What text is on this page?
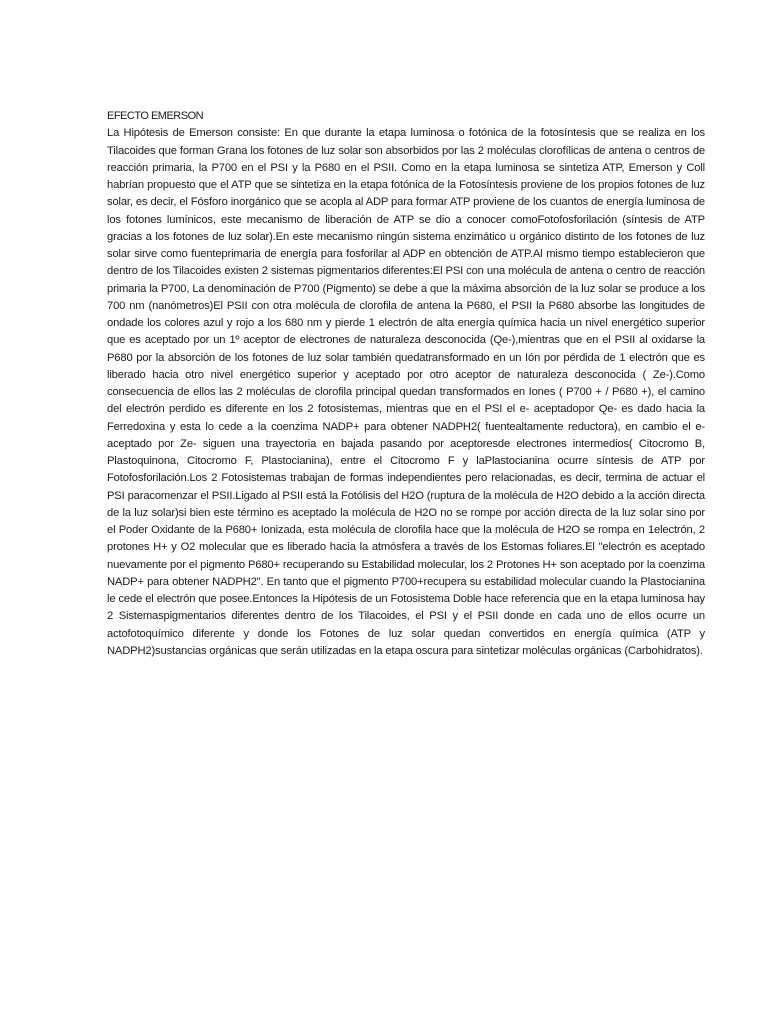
EFECTO EMERSON

La Hipótesis de Emerson consiste: En que durante la etapa luminosa o fotónica de la fotosíntesis que se realiza en los Tilacoides que forman Grana los fotones de luz solar son absorbidos por las 2 moléculas clorofílicas de antena o centros de reacción primaria, la P700 en el PSI y la P680 en el PSII. Como en la etapa luminosa se sintetiza ATP, Emerson y Coll habrían propuesto que el ATP que se sintetiza en la etapa fotónica de la Fotosíntesis proviene de los propios fotones de luz solar, es decir, el Fósforo inorgánico que se acopla al ADP para formar ATP proviene de los cuantos de energía luminosa de los fotones lumínicos, este mecanismo de liberación de ATP se dio a conocer comoFotofosforilación (síntesis de ATP gracias a los fotones de luz solar).En este mecanismo ningún sistema enzimático u orgánico distinto de los fotones de luz solar sirve como fuenteprimaria de energía para fosforilar al ADP en obtención de ATP.Al mismo tiempo establecieron que dentro de los Tilacoides existen 2 sistemas pigmentarios diferentes:El PSI con una molécula de antena o centro de reacción primaria la P700, La denominación de P700 (Pigmento) se debe a que la máxima absorción de la luz solar se produce a los 700 nm (nanómetros)El PSII con otra molécula de clorofila de antena la P680, el PSII la P680 absorbe las longitudes de ondade los colores azul y rojo a los 680 nm y pierde 1 electrón de alta energía química hacia un nivel energético superior que es aceptado por un 1º aceptor de electrones de naturaleza desconocida (Qe-),mientras que en el PSII al oxidarse la P680 por la absorción de los fotones de luz solar también quedatransformado en un Ión por pérdida de 1 electrón que es liberado hacia otro nivel energético superior y aceptado por otro aceptor de naturaleza desconocida ( Ze-).Como consecuencia de ellos las 2 moléculas de clorofila principal quedan transformados en Iones ( P700 + / P680 +), el camino del electrón perdido es diferente en los 2 fotosistemas, mientras que en el PSI el e- aceptadopor Qe- es dado hacia la Ferredoxina y esta lo cede a la coenzima NADP+ para obtener NADPH2( fuentealtamente reductora), en cambio el e- aceptado por Ze- siguen una trayectoria en bajada pasando por aceptoresde electrones intermedios( Citocromo B, Plastoquinona, Citocromo F, Plastocianina), entre el Citocromo F y laPlastocianina ocurre síntesis de ATP por Fotofosforilación.Los 2 Fotosistemas trabajan de formas independientes pero relacionadas, es decir, termina de actuar el PSI paracomenzar el PSII.Ligado al PSII está la Fotólisis del H2O (ruptura de la molécula de H2O debido a la acción directa de la luz solar)si bien este término es aceptado la molécula de H2O no se rompe por acción directa de la luz solar sino por el Poder Oxidante de la P680+ Ionizada, esta molécula de clorofila hace que la molécula de H2O se rompa en 1electrón, 2 protones H+ y O2 molecular que es liberado hacia la atmósfera a través de los Estomas foliares.El "electrón es aceptado nuevamente por el pigmento P680+ recuperando su Estabilidad molecular, los 2 Protones H+ son aceptado por la coenzima NADP+ para obtener NADPH2". En tanto que el pigmento P700+recupera su estabilidad molecular cuando la Plastocianina le cede el electrón que posee.Entonces la Hipótesis de un Fotosistema Doble hace referencia que en la etapa luminosa hay 2 Sistemaspigmentarios diferentes dentro de los Tilacoides, el PSI y el PSII donde en cada uno de ellos ocurre un actofotoquímico diferente y donde los Fotones de luz solar quedan convertidos en energía química (ATP y NADPH2)sustancias orgánicas que serán utilizadas en la etapa oscura para sintetizar moléculas orgánicas (Carbohidratos).
